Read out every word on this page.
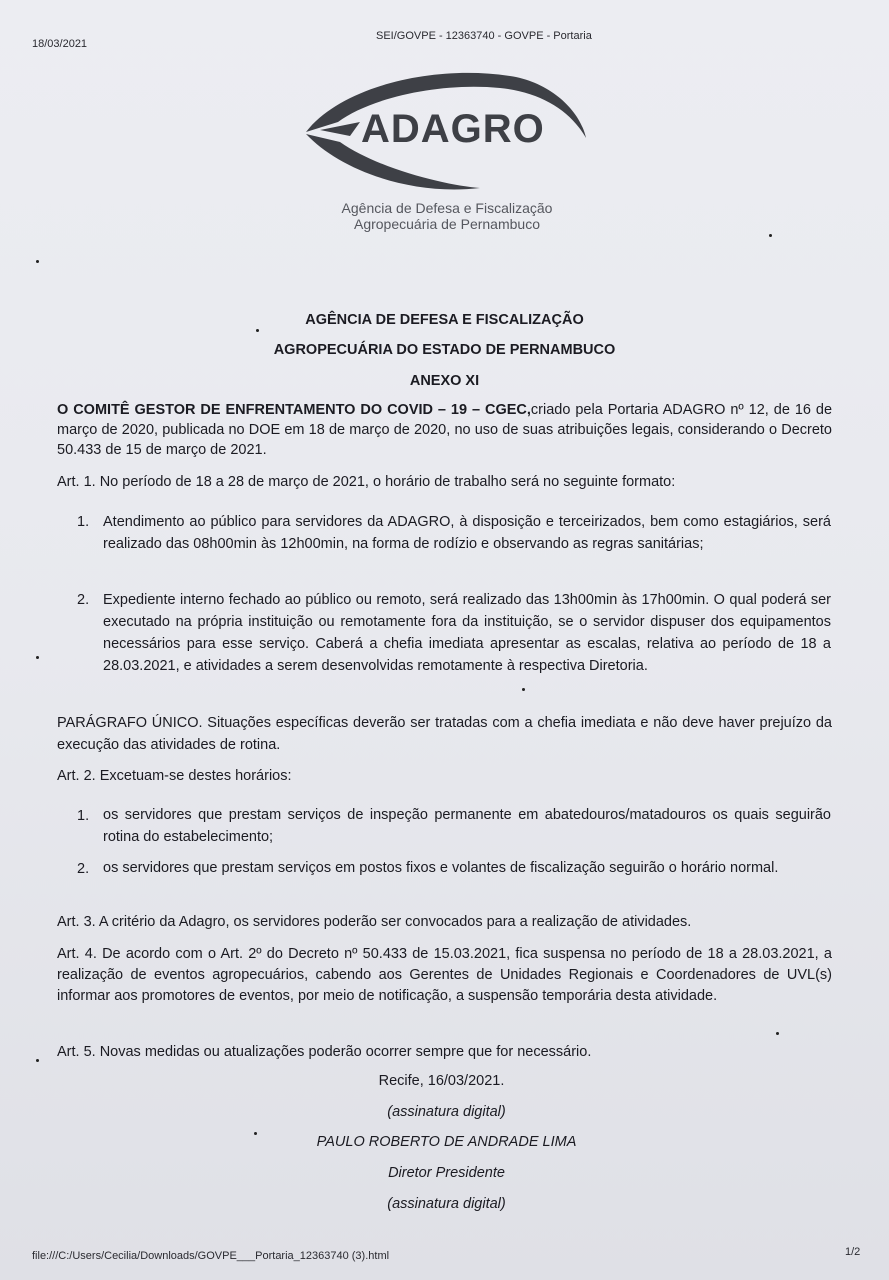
18/03/2021
SEI/GOVPE - 12363740 - GOVPE - Portaria
ADAGRO
Agência de Defesa e Fiscalização
Agropecuária de Pernambuco
AGÊNCIA DE DEFESA E FISCALIZAÇÃO
AGROPECUÁRIA DO ESTADO DE PERNAMBUCO
ANEXO XI
O COMITÊ GESTOR DE ENFRENTAMENTO DO COVID – 19 – CGEC,criado pela Portaria ADAGRO nº 12, de 16 de março de 2020, publicada no DOE em 18 de março de 2020, no uso de suas atribuições legais, considerando o Decreto 50.433 de 15 de março de 2021.
Art. 1. No período de 18 a 28 de março de 2021, o horário de trabalho será no seguinte formato:
1. Atendimento ao público para servidores da ADAGRO, à disposição e terceirizados, bem como estagiários, será realizado das 08h00min às 12h00min, na forma de rodízio e observando as regras sanitárias;
2. Expediente interno fechado ao público ou remoto, será realizado das 13h00min às 17h00min. O qual poderá ser executado na própria instituição ou remotamente fora da instituição, se o servidor dispuser dos equipamentos necessários para esse serviço. Caberá a chefia imediata apresentar as escalas, relativa ao período de 18 a 28.03.2021, e atividades a serem desenvolvidas remotamente à respectiva Diretoria.
PARÁGRAFO ÚNICO. Situações específicas deverão ser tratadas com a chefia imediata e não deve haver prejuízo da execução das atividades de rotina.
Art. 2. Excetuam-se destes horários:
1. os servidores que prestam serviços de inspeção permanente em abatedouros/matadouros os quais seguirão rotina do estabelecimento;
2. os servidores que prestam serviços em postos fixos e volantes de fiscalização seguirão o horário normal.
Art. 3. A critério da Adagro, os servidores poderão ser convocados para a realização de atividades.
Art. 4. De acordo com o Art. 2º do Decreto nº 50.433 de 15.03.2021, fica suspensa no período de 18 a 28.03.2021, a realização de eventos agropecuários, cabendo aos Gerentes de Unidades Regionais e Coordenadores de UVL(s) informar aos promotores de eventos, por meio de notificação, a suspensão temporária desta atividade.
Art. 5. Novas medidas ou atualizações poderão ocorrer sempre que for necessário.
Recife, 16/03/2021.
(assinatura digital)
PAULO ROBERTO DE ANDRADE LIMA
Diretor Presidente
(assinatura digital)
file:///C:/Users/Cecilia/Downloads/GOVPE___Portaria_12363740 (3).html	1/2
